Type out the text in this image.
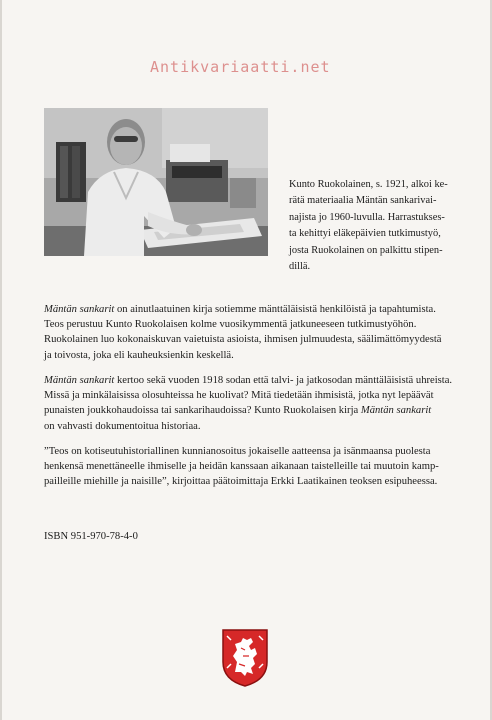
Antikvariaatti.net
Kunto Ruokolainen, s. 1921, alkoi ke-
rätä materiaalia Mäntän sankarivai-
najista jo 1960-luvulla. Harrastukses-
ta kehittyi eläkepäivien tutkimustyö,
josta Ruokolainen on palkittu stipen-
dillä.
Mäntän sankarit on ainutlaatuinen kirja sotiemme mänttäläisistä henkilöistä ja tapahtumista.
Teos perustuu Kunto Ruokolaisen kolme vuosikymmentä jatkuneeseen tutkimustyöhön.
Ruokolainen luo kokonaiskuvan vaietuista asioista, ihmisen julmuudesta, säälimättömyydestä
ja toivosta, joka eli kauheuksienkin keskellä.
Mäntän sankarit kertoo sekä vuoden 1918 sodan että talvi- ja jatkosodan mänttäläisistä uhreista.
Missä ja minkälaisissa olosuhteissa he kuolivat? Mitä tiedetään ihmisistä, jotka nyt lepäävät
punaisten joukkohaudoissa tai sankarihaudoissa? Kunto Ruokolaisen kirja Mäntän sankarit
on vahvasti dokumentoitua historiaa.
”Teos on kotiseutuhistoriallinen kunnianosoitus jokaiselle aatteensa ja isänmaansa puolesta
henkensä menettäneelle ihmiselle ja heidän kanssaan aikanaan taistelleille tai muutoin kamp-
pailleille miehille ja naisille”, kirjoittaa päätoimittaja Erkki Laatikainen teoksen esipuheessa.
ISBN 951-970-78-4-0
